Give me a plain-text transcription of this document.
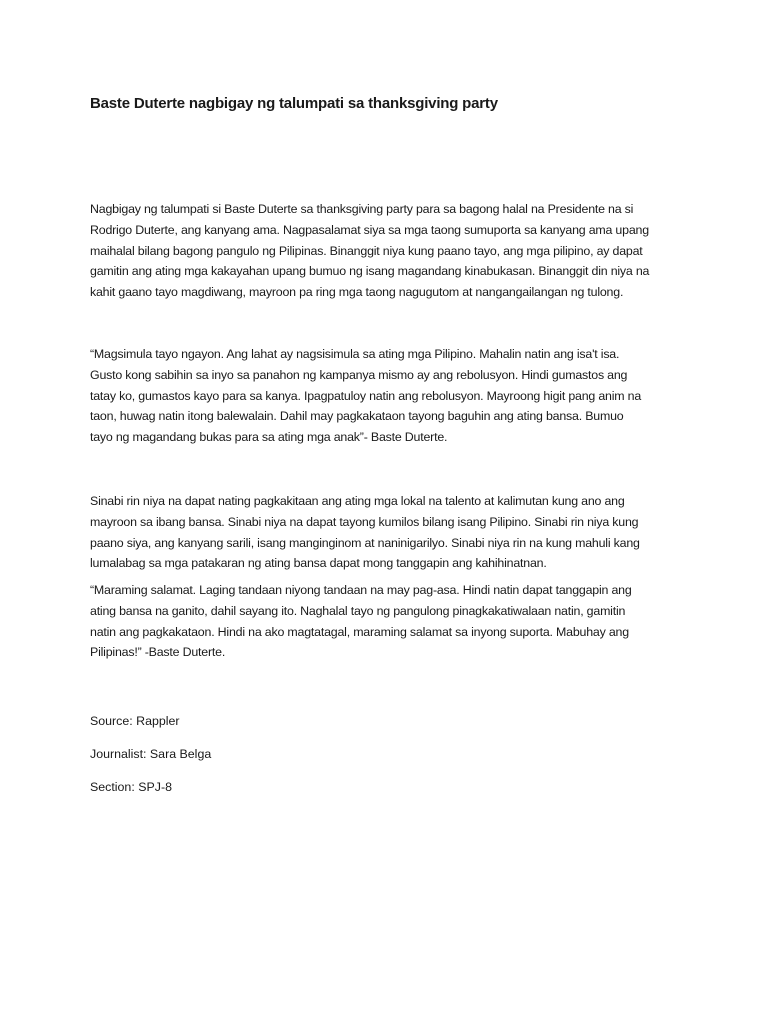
Baste Duterte nagbigay ng talumpati sa thanksgiving party

Nagbigay ng talumpati si Baste Duterte sa thanksgiving party para sa bagong halal na Presidente na si
Rodrigo Duterte, ang kanyang ama. Nagpasalamat siya sa mga taong sumuporta sa kanyang ama upang
maihalal bilang bagong pangulo ng Pilipinas. Binanggit niya kung paano tayo, ang mga pilipino, ay dapat
gamitin ang ating mga kakayahan upang bumuo ng isang magandang kinabukasan. Binanggit din niya na
kahit gaano tayo magdiwang, mayroon pa ring mga taong nagugutom at nangangailangan ng tulong.

“Magsimula tayo ngayon. Ang lahat ay nagsisimula sa ating mga Pilipino. Mahalin natin ang isa't isa.
Gusto kong sabihin sa inyo sa panahon ng kampanya mismo ay ang rebolusyon. Hindi gumastos ang
tatay ko, gumastos kayo para sa kanya. Ipagpatuloy natin ang rebolusyon. Mayroong higit pang anim na
taon, huwag natin itong balewalain. Dahil may pagkakataon tayong baguhin ang ating bansa. Bumuo
tayo ng magandang bukas para sa ating mga anak”- Baste Duterte.

Sinabi rin niya na dapat nating pagkakitaan ang ating mga lokal na talento at kalimutan kung ano ang
mayroon sa ibang bansa. Sinabi niya na dapat tayong kumilos bilang isang Pilipino. Sinabi rin niya kung
paano siya, ang kanyang sarili, isang manginginom at naninigarilyo. Sinabi niya rin na kung mahuli kang
lumalabag sa mga patakaran ng ating bansa dapat mong tanggapin ang kahihinatnan.

“Maraming salamat. Laging tandaan niyong tandaan na may pag-asa. Hindi natin dapat tanggapin ang
ating bansa na ganito, dahil sayang ito. Naghalal tayo ng pangulong pinagkakatiwalaan natin, gamitin
natin ang pagkakataon. Hindi na ako magtatagal, maraming salamat sa inyong suporta. Mabuhay ang
Pilipinas!” -Baste Duterte.

Source: Rappler
Journalist: Sara Belga
Section: SPJ-8
